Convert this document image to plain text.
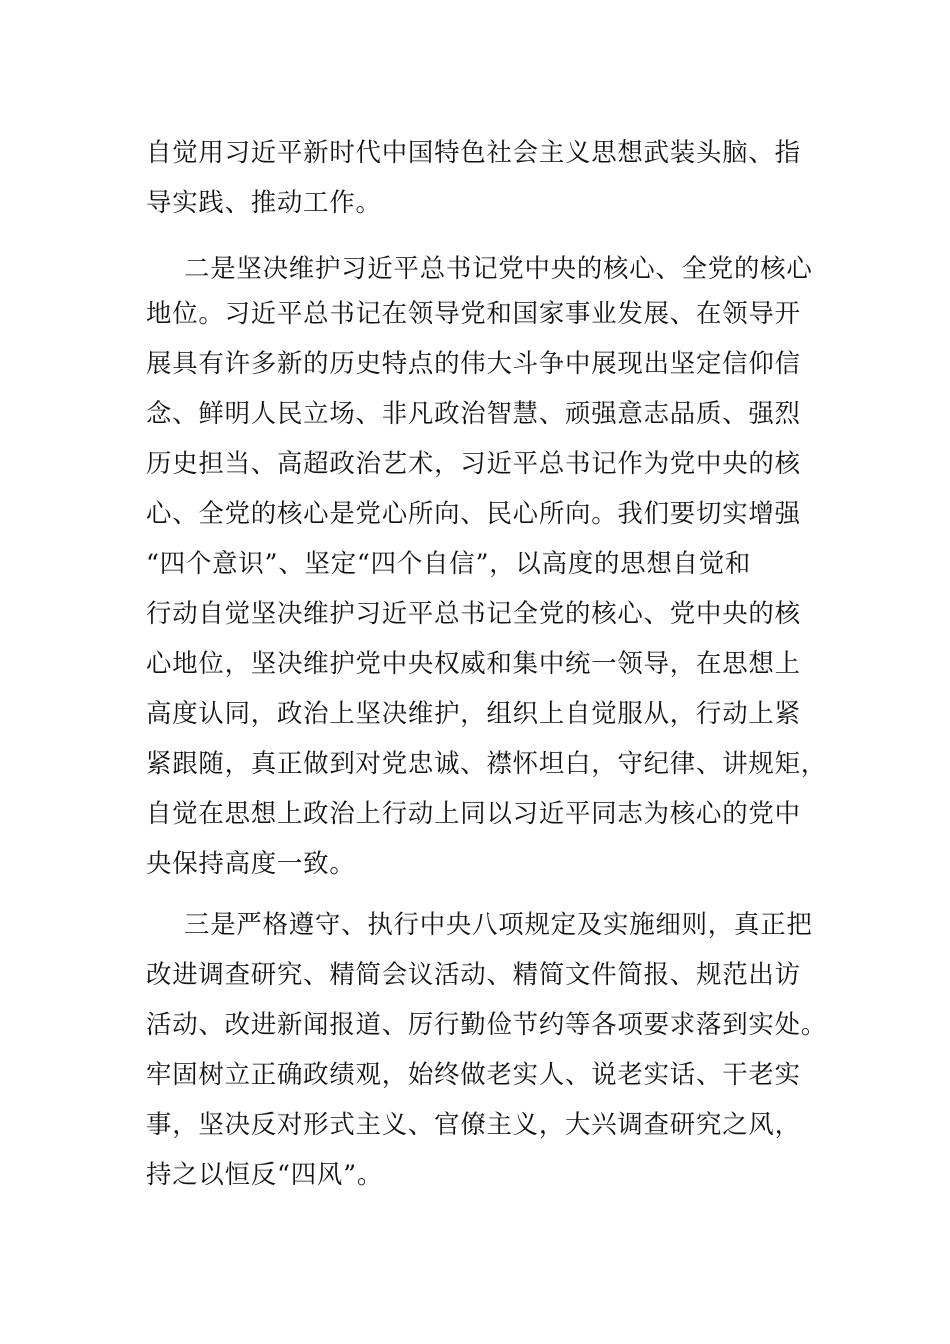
自觉用习近平新时代中国特色社会主义思想武装头脑、指
导实践、推动工作。
二是坚决维护习近平总书记党中央的核心、全党的核心
地位。习近平总书记在领导党和国家事业发展、在领导开
展具有许多新的历史特点的伟大斗争中展现出坚定信仰信
念、鲜明人民立场、非凡政治智慧、顽强意志品质、强烈
历史担当、高超政治艺术，习近平总书记作为党中央的核
心、全党的核心是党心所向、民心所向。我们要切实增强
“四个意识”、坚定“四个自信”，以高度的思想自觉和
行动自觉坚决维护习近平总书记全党的核心、党中央的核
心地位，坚决维护党中央权威和集中统一领导，在思想上
高度认同，政治上坚决维护，组织上自觉服从，行动上紧
紧跟随，真正做到对党忠诚、襟怀坦白，守纪律、讲规矩，
自觉在思想上政治上行动上同以习近平同志为核心的党中
央保持高度一致。
三是严格遵守、执行中央八项规定及实施细则，真正把
改进调查研究、精简会议活动、精简文件简报、规范出访
活动、改进新闻报道、厉行勤俭节约等各项要求落到实处。
牢固树立正确政绩观，始终做老实人、说老实话、干老实
事，坚决反对形式主义、官僚主义，大兴调查研究之风，
持之以恒反“四风”。
